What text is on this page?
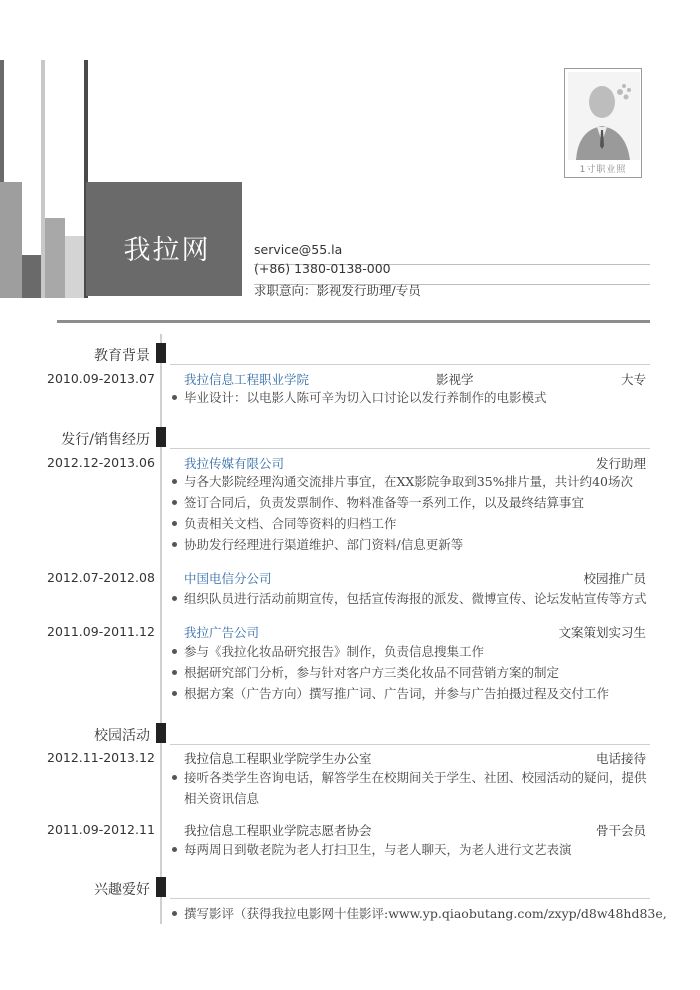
我拉网
1寸职业照
service@55.la
(+86) 1380-0138-000
求职意向：影视发行助理/专员
教育背景
2010.09-2013.07 我拉信息工程职业学院	影视学	大专
毕业设计：以电影人陈可辛为切入口讨论以发行养制作的电影模式
发行/销售经历
2012.12-2013.06 我拉传媒有限公司	发行助理
与各大影院经理沟通交流排片事宜，在XX影院争取到35%排片量，共计约40场次
签订合同后，负责发票制作、物料准备等一系列工作，以及最终结算事宜
负责相关文档、合同等资料的归档工作
协助发行经理进行渠道维护、部门资料/信息更新等
2012.07-2012.08 中国电信分公司	校园推广员
组织队员进行活动前期宣传，包括宣传海报的派发、微博宣传、论坛发帖宣传等方式
2011.09-2011.12 我拉广告公司	文案策划实习生
参与《我拉化妆品研究报告》制作，负责信息搜集工作
根据研究部门分析，参与针对客户方三类化妆品不同营销方案的制定
根据方案（广告方向）撰写推广词、广告词，并参与广告拍摄过程及交付工作
校园活动
2012.11-2013.12 我拉信息工程职业学院学生办公室	电话接待
接听各类学生咨询电话，解答学生在校期间关于学生、社团、校园活动的疑问，提供相关资讯信息
2011.09-2012.11 我拉信息工程职业学院志愿者协会	骨干会员
每两周日到敬老院为老人打扫卫生，与老人聊天，为老人进行文艺表演
兴趣爱好
撰写影评（获得我拉电影网十佳影评:www.yp.qiaobutang.com/zxyp/d8w48hd83e,
